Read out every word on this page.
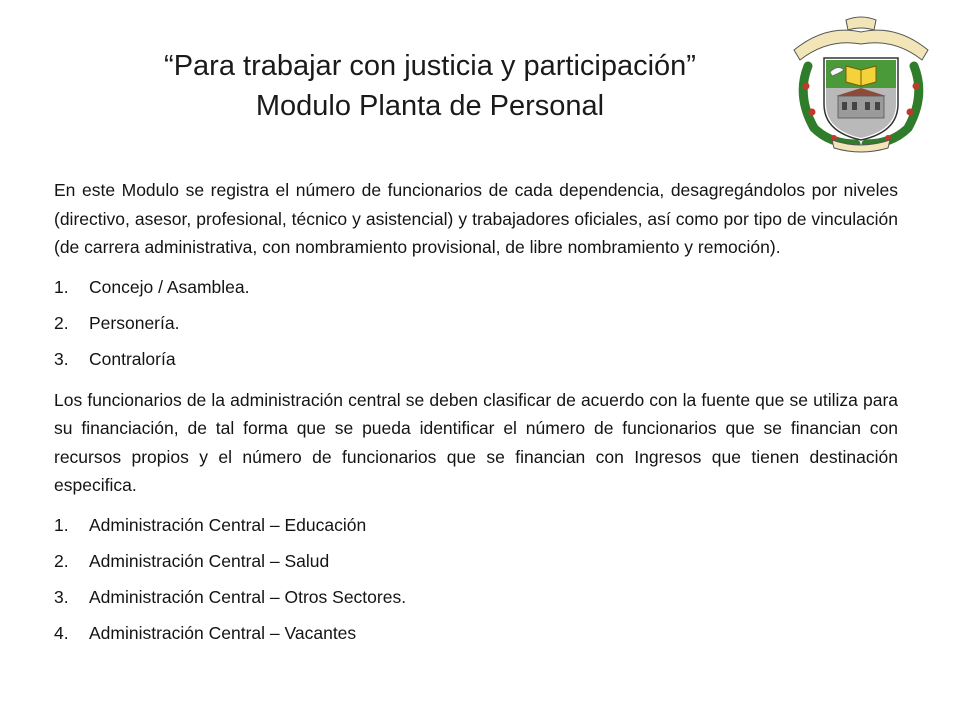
“Para trabajar con justicia y participación”
Modulo Planta de Personal

En este Modulo se registra el número de funcionarios de cada dependencia, desagregándolos por niveles (directivo, asesor, profesional, técnico y asistencial) y trabajadores oficiales, así como por tipo de vinculación (de carrera administrativa, con nombramiento provisional, de libre nombramiento y remoción).

1.	Concejo / Asamblea.
2.	Personería.
3.	Contraloría

Los funcionarios de la administración central se deben clasificar de acuerdo con la fuente que se utiliza para su financiación, de tal forma que se pueda identificar el número de funcionarios que se financian con recursos propios y el número de funcionarios que se financian con Ingresos que tienen destinación especifica.

1.	Administración Central – Educación
2.	Administración Central – Salud
3.	Administración Central – Otros Sectores.
4.	Administración Central – Vacantes
